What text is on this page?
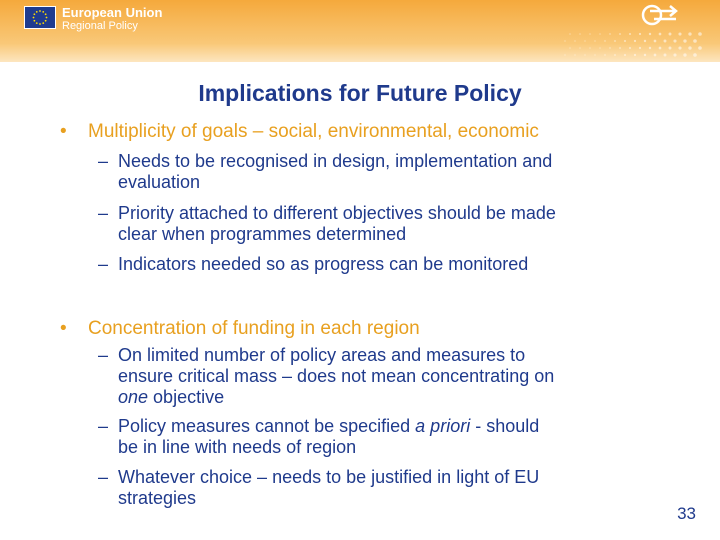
European Union
Regional Policy
Implications for Future Policy
• Multiplicity of goals – social, environmental, economic
– Needs to be recognised in design, implementation and
evaluation
– Priority attached to different objectives should be made
clear when programmes determined
– Indicators needed so as progress can be monitored
• Concentration of funding in each region
– On limited number of policy areas and measures to
ensure critical mass – does not mean concentrating on
one objective
– Policy measures cannot be specified a priori - should
be in line with needs of region
– Whatever choice – needs to be justified in light of EU
strategies
33
